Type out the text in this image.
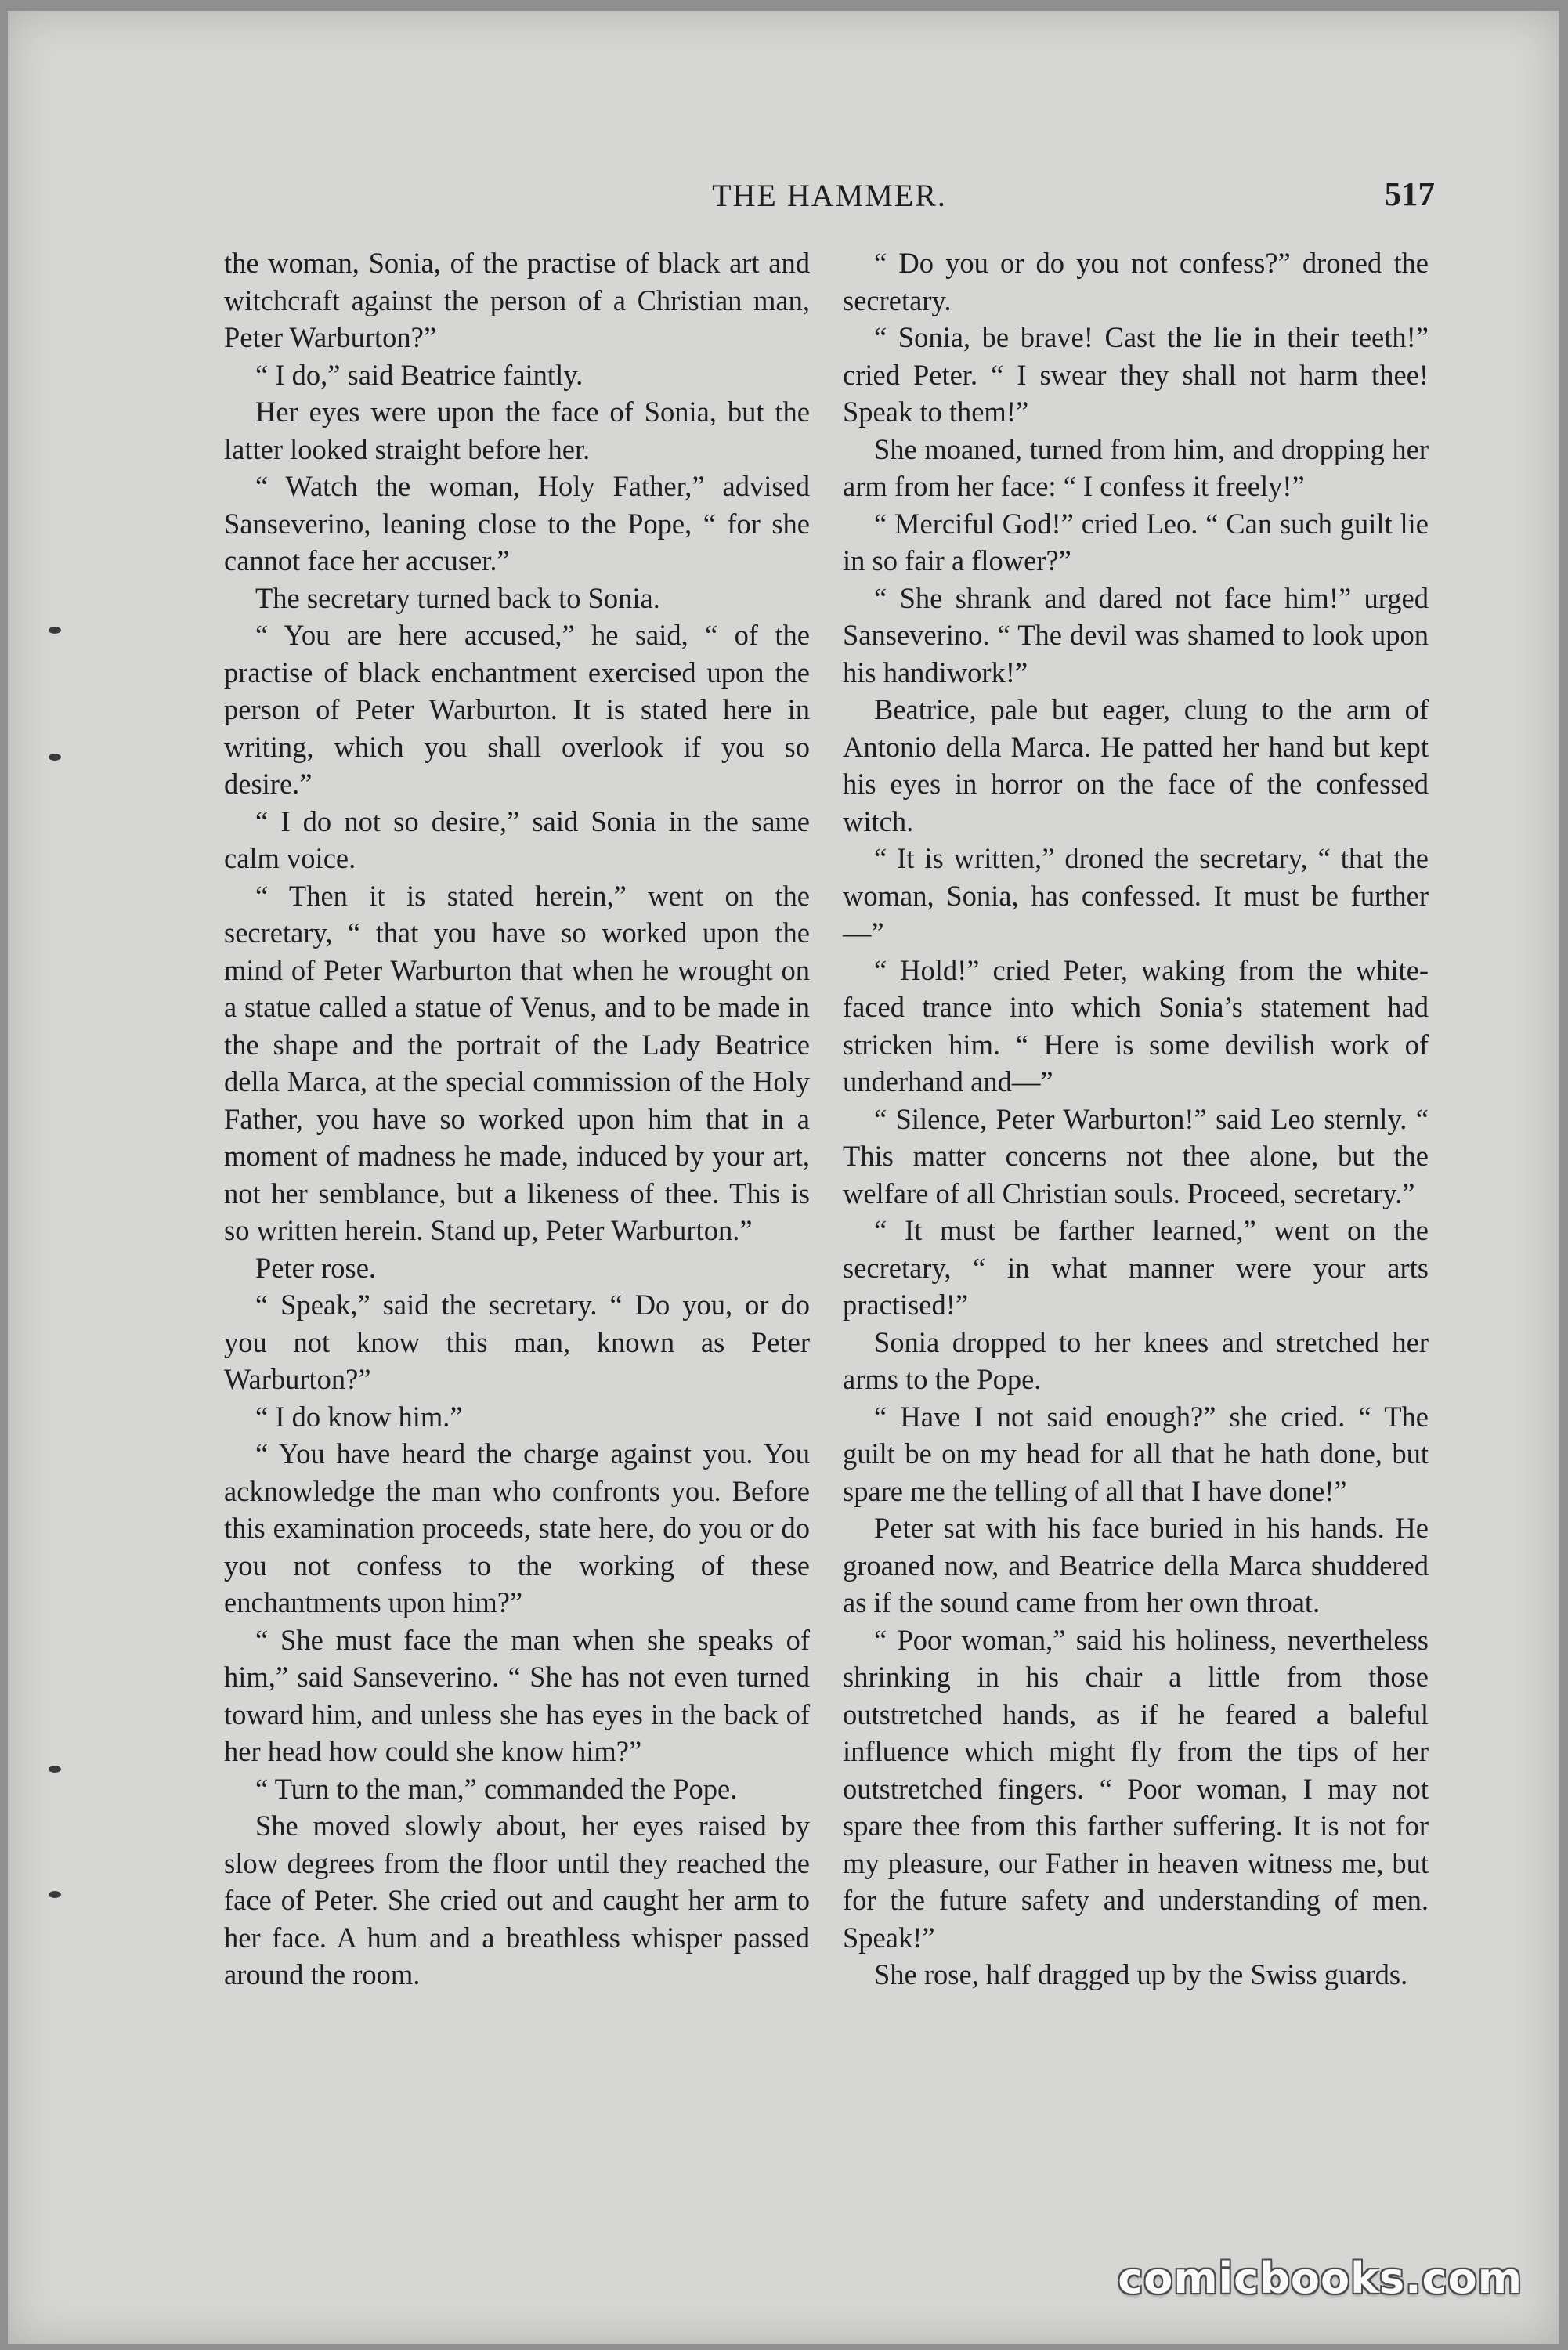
THE HAMMER.	517

the woman, Sonia, of the practise of black art and witchcraft against the person of a Christian man, Peter Warburton?”

“ I do,” said Beatrice faintly.

Her eyes were upon the face of Sonia, but the latter looked straight before her.

“ Watch the woman, Holy Father,” advised Sanseverino, leaning close to the Pope, “ for she cannot face her accuser.”

The secretary turned back to Sonia.

“ You are here accused,” he said, “ of the practise of black enchantment exercised upon the person of Peter Warburton. It is stated here in writing, which you shall overlook if you so desire.”

“ I do not so desire,” said Sonia in the same calm voice.

“ Then it is stated herein,” went on the secretary, “ that you have so worked upon the mind of Peter Warburton that when he wrought on a statue called a statue of Venus, and to be made in the shape and the portrait of the Lady Beatrice della Marca, at the special commission of the Holy Father, you have so worked upon him that in a moment of madness he made, induced by your art, not her semblance, but a likeness of thee. This is so written herein. Stand up, Peter Warburton.”

Peter rose.

“ Speak,” said the secretary. “ Do you, or do you not know this man, known as Peter Warburton?”

“ I do know him.”

“ You have heard the charge against you. You acknowledge the man who confronts you. Before this examination proceeds, state here, do you or do you not confess to the working of these enchantments upon him?”

“ She must face the man when she speaks of him,” said Sanseverino. “ She has not even turned toward him, and unless she has eyes in the back of her head how could she know him?”

“ Turn to the man,” commanded the Pope.

She moved slowly about, her eyes raised by slow degrees from the floor until they reached the face of Peter. She cried out and caught her arm to her face. A hum and a breathless whisper passed around the room.

“ Do you or do you not confess?” droned the secretary.

“ Sonia, be brave! Cast the lie in their teeth!” cried Peter. “ I swear they shall not harm thee! Speak to them!”

She moaned, turned from him, and dropping her arm from her face: “ I confess it freely!”

“ Merciful God!” cried Leo. “ Can such guilt lie in so fair a flower?”

“ She shrank and dared not face him!” urged Sanseverino. “ The devil was shamed to look upon his handiwork!”

Beatrice, pale but eager, clung to the arm of Antonio della Marca. He patted her hand but kept his eyes in horror on the face of the confessed witch.

“ It is written,” droned the secretary, “ that the woman, Sonia, has confessed. It must be further—”

“ Hold!” cried Peter, waking from the white-faced trance into which Sonia’s statement had stricken him. “ Here is some devilish work of underhand and—”

“ Silence, Peter Warburton!” said Leo sternly. “ This matter concerns not thee alone, but the welfare of all Christian souls. Proceed, secretary.”

“ It must be farther learned,” went on the secretary, “ in what manner were your arts practised!”

Sonia dropped to her knees and stretched her arms to the Pope.

“ Have I not said enough?” she cried. “ The guilt be on my head for all that he hath done, but spare me the telling of all that I have done!”

Peter sat with his face buried in his hands. He groaned now, and Beatrice della Marca shuddered as if the sound came from her own throat.

“ Poor woman,” said his holiness, nevertheless shrinking in his chair a little from those outstretched hands, as if he feared a baleful influence which might fly from the tips of her outstretched fingers. “ Poor woman, I may not spare thee from this farther suffering. It is not for my pleasure, our Father in heaven witness me, but for the future safety and understanding of men. Speak!”

She rose, half dragged up by the Swiss guards.

comicbooks.com
